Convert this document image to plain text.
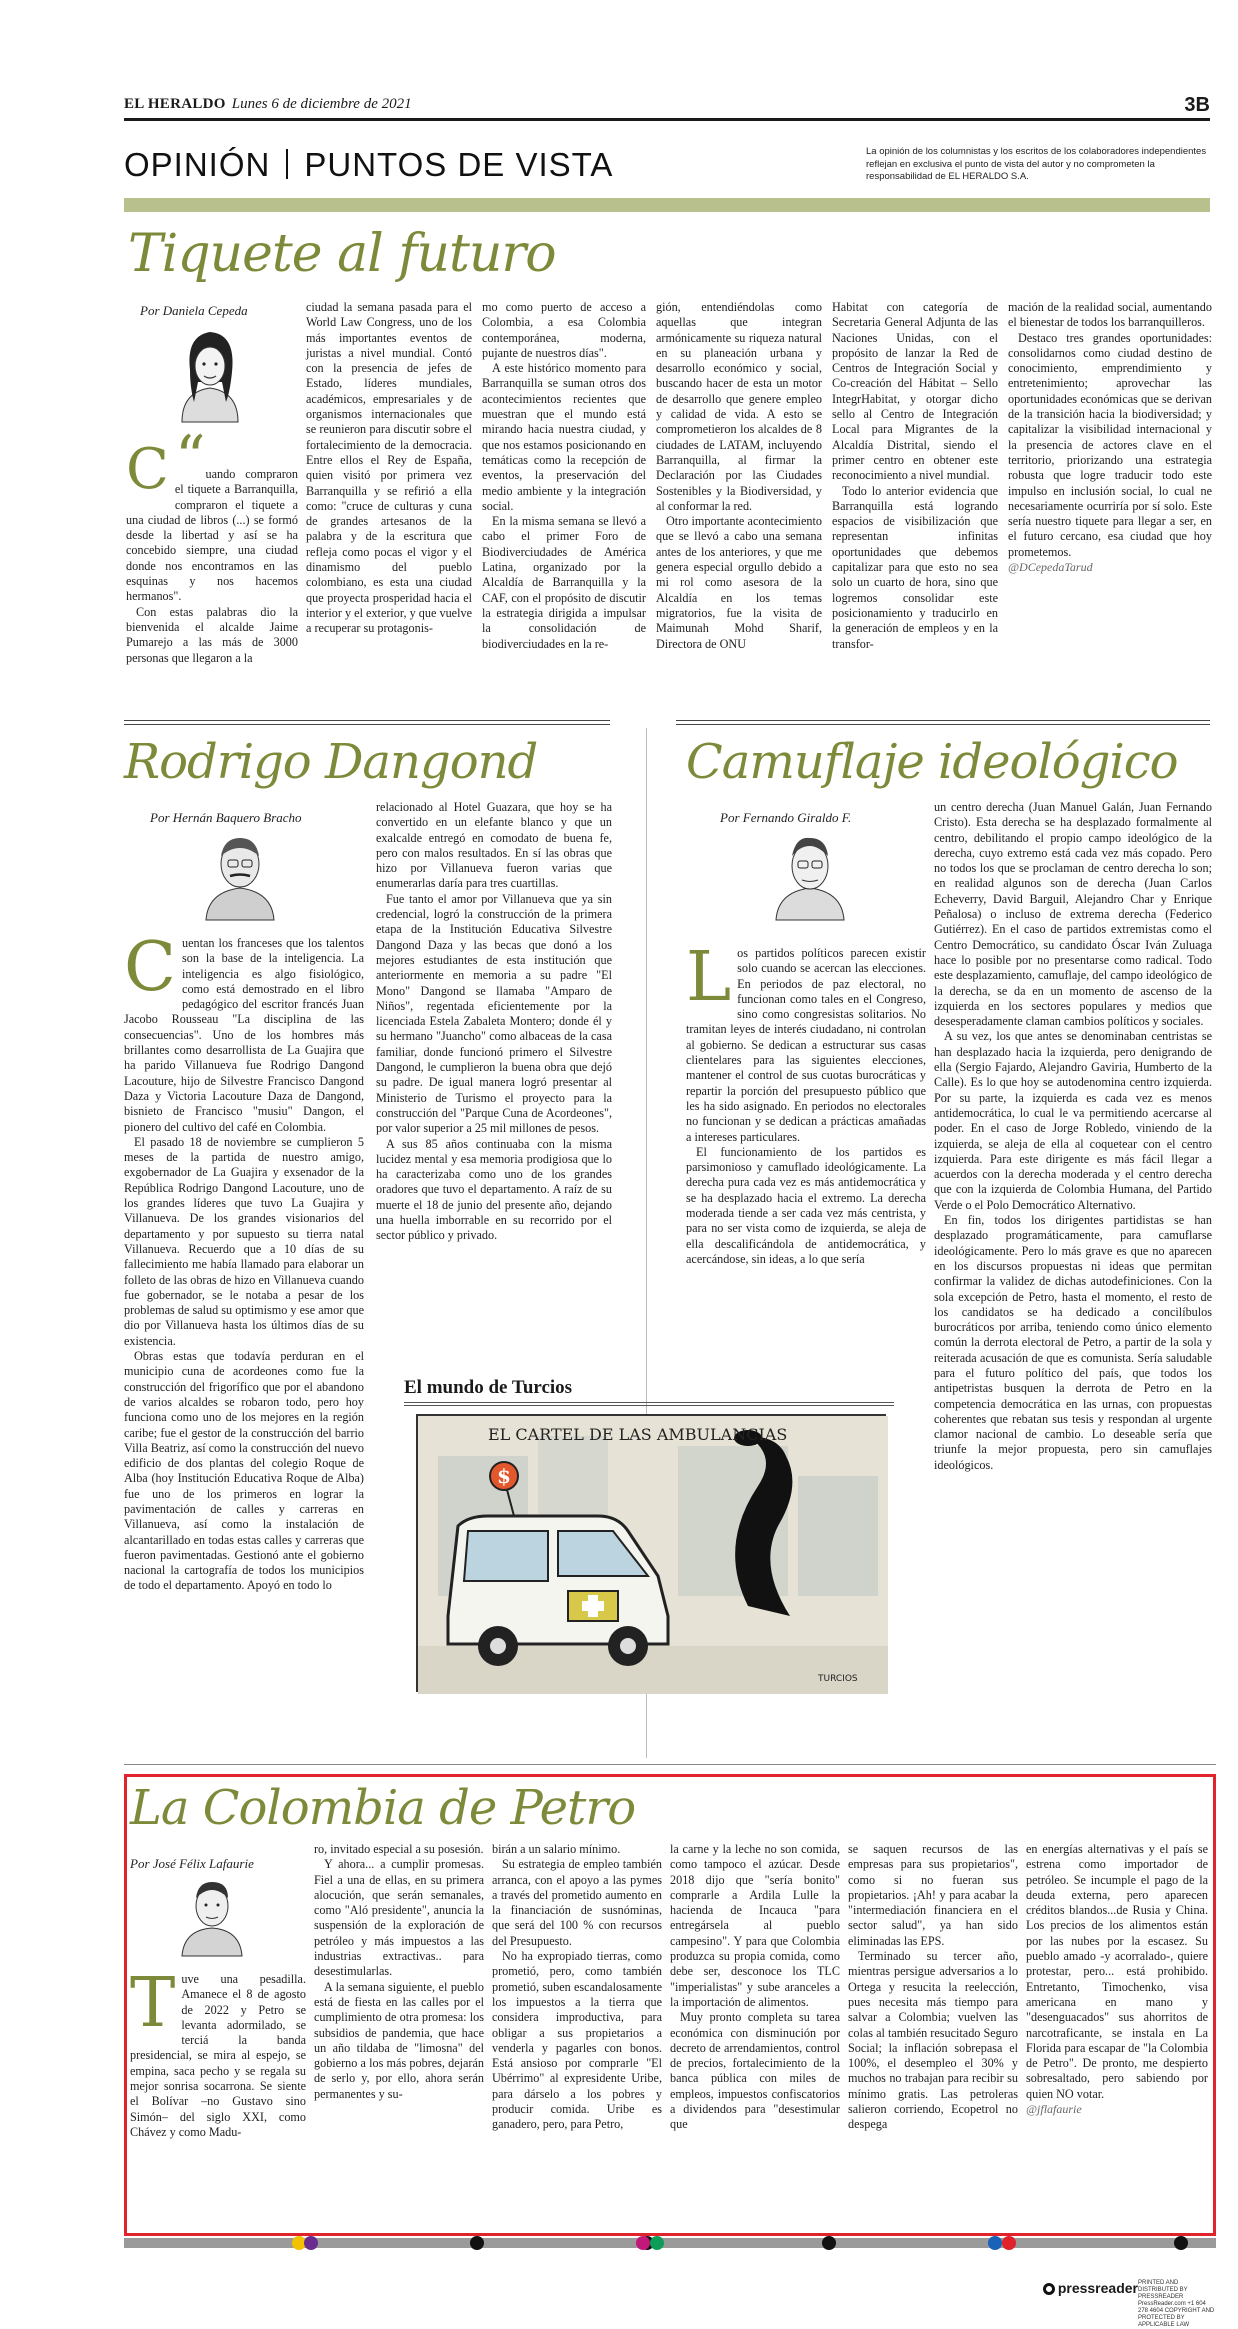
EL HERALDO Lunes 6 de diciembre de 2021	3B
OPINIÓN PUNTOS DE VISTA	La opinión de los columnistas y los escritos de los colaboradores independientes reflejan en exclusiva el punto de vista del autor y no comprometen la responsabilidad de EL HERALDO S.A.
Tiquete al futuro
Por Daniela Cepeda

“
C	uando compraron el tiquete a Barranquilla, compraron el tiquete a una ciudad de libros (...) se formó desde la libertad y así se ha concebido siempre, una ciudad donde nos encontramos en las esquinas y nos hacemos hermanos".

Con estas palabras dio la bienvenida el alcalde Jaime Pumarejo a las más de 3000 personas que llegaron a la

ciudad la semana pasada para el World Law Congress, uno de los más importantes eventos de juristas a nivel mundial. Contó con la presencia de jefes de Estado, líderes mundiales, académicos, empresariales y de organismos internacionales que se reunieron para discutir sobre el fortalecimiento de la democracia. Entre ellos el Rey de España, quien visitó por primera vez Barranquilla y se refirió a ella como: "cruce de culturas y cuna de grandes artesanos de la palabra y de la escritura que refleja como pocas el vigor y el dinamismo del pueblo colombiano, es esta una ciudad que proyecta prosperidad hacia el interior y el exterior, y que vuelve a recuperar su protagonis-

mo como puerto de acceso a Colombia, a esa Colombia contemporánea, moderna, pujante de nuestros días".

A este histórico momento para Barranquilla se suman otros dos acontecimientos recientes que muestran que el mundo está mirando hacia nuestra ciudad, y que nos estamos posicionando en temáticas como la recepción de eventos, la preservación del medio ambiente y la integración social.

En la misma semana se llevó a cabo el primer Foro de Biodiverciudades de América Latina, organizado por la Alcaldía de Barranquilla y la CAF, con el propósito de discutir la estrategia dirigida a impulsar la consolidación de biodiverciudades en la re-

gión, entendiéndolas como aquellas que integran armónicamente su riqueza natural en su planeación urbana y desarrollo económico y social, buscando hacer de esta un motor de desarrollo que genere empleo y calidad de vida. A esto se comprometieron los alcaldes de 8 ciudades de LATAM, incluyendo Barranquilla, al firmar la Declaración por las Ciudades Sostenibles y la Biodiversidad, y al conformar la red.

Otro importante acontecimiento que se llevó a cabo una semana antes de los anteriores, y que me genera especial orgullo debido a mi rol como asesora de la Alcaldía en los temas migratorios, fue la visita de Maimunah Mohd Sharif, Directora de ONU

Habitat con categoría de Secretaria General Adjunta de las Naciones Unidas, con el propósito de lanzar la Red de Centros de Integración Social y Co-creación del Hábitat – Sello IntegrHabitat, y otorgar dicho sello al Centro de Integración Local para Migrantes de la Alcaldía Distrital, siendo el primer centro en obtener este reconocimiento a nivel mundial.

Todo lo anterior evidencia que Barranquilla está logrando espacios de visibilización que representan infinitas oportunidades que debemos capitalizar para que esto no sea solo un cuarto de hora, sino que logremos consolidar este posicionamiento y traducirlo en la generación de empleos y en la transfor-

mación de la realidad social, aumentando el bienestar de todos los barranquilleros.

Destaco tres grandes oportunidades: consolidarnos como ciudad destino de conocimiento, emprendimiento y entretenimiento; aprovechar las oportunidades económicas que se derivan de la transición hacia la biodiversidad; y capitalizar la visibilidad internacional y la presencia de actores clave en el territorio, priorizando una estrategia robusta que logre traducir todo este impulso en inclusión social, lo cual ne necesariamente ocurriría por sí solo. Este sería nuestro tiquete para llegar a ser, en el futuro cercano, esa ciudad que hoy prometemos.

@DCepedaTarud

Rodrigo Dangond
Por Hernán Baquero Bracho

Cuentan los franceses que los talentos son la base de la inteligencia. La inteligencia es algo fisiológico, como está demostrado en el libro pedagógico del escritor francés Juan Jacobo Rousseau "La disciplina de las consecuencias". Uno de los hombres más brillantes como desarrollista de La Guajira que ha parido Villanueva fue Rodrigo Dangond Lacouture, hijo de Silvestre Francisco Dangond Daza y Victoria Lacouture Daza de Dangond, bisnieto de Francisco "musiu" Dangon, el pionero del cultivo del café en Colombia.

El pasado 18 de noviembre se cumplieron 5 meses de la partida de nuestro amigo, exgobernador de La Guajira y exsenador de la República Rodrigo Dangond Lacouture, uno de los grandes líderes que tuvo La Guajira y Villanueva. De los grandes visionarios del departamento y por supuesto su tierra natal Villanueva. Recuerdo que a 10 días de su fallecimiento me había llamado para elaborar un folleto de las obras de hizo en Villanueva cuando fue gobernador, se le notaba a pesar de los problemas de salud su optimismo y ese amor que dio por Villanueva hasta los últimos días de su existencia.

Obras estas que todavía perduran en el municipio cuna de acordeones como fue la construcción del frigorífico que por el abandono de varios alcaldes se robaron todo, pero hoy funciona como uno de los mejores en la región caribe; fue el gestor de la construcción del barrio Villa Beatriz, así como la construcción del nuevo edificio de dos plantas del colegio Roque de Alba (hoy Institución Educativa Roque de Alba) fue uno de los primeros en lograr la pavimentación de calles y carreras en Villanueva, así como la instalación de alcantarillado en todas estas calles y carreras que fueron pavimentadas. Gestionó ante el gobierno nacional la cartografía de todos los municipios de todo el departamento. Apoyó en todo lo

relacionado al Hotel Guazara, que hoy se ha convertido en un elefante blanco y que un exalcalde entregó en comodato de buena fe, pero con malos resultados. En sí las obras que hizo por Villanueva fueron varias que enumerarlas daría para tres cuartillas.

Fue tanto el amor por Villanueva que ya sin credencial, logró la construcción de la primera etapa de la Institución Educativa Silvestre Dangond Daza y las becas que donó a los mejores estudiantes de esta institución que anteriormente en memoria a su padre "El Mono" Dangond se llamaba "Amparo de Niños", regentada eficientemente por la licenciada Estela Zabaleta Montero; donde él y su hermano "Juancho" como albaceas de la casa familiar, donde funcionó primero el Silvestre Dangond, le cumplieron la buena obra que dejó su padre. De igual manera logró presentar al Ministerio de Turismo el proyecto para la construcción del "Parque Cuna de Acordeones", por valor superior a 25 mil millones de pesos.

A sus 85 años continuaba con la misma lucidez mental y esa memoria prodigiosa que lo ha caracterizaba como uno de los grandes oradores que tuvo el departamento. A raíz de su muerte el 18 de junio del presente año, dejando una huella imborrable en su recorrido por el sector público y privado.

Camuflaje ideológico
Por Fernando Giraldo F.

Los partidos políticos parecen existir solo cuando se acercan las elecciones. En periodos de paz electoral, no funcionan como tales en el Congreso, sino como congresistas solitarios. No tramitan leyes de interés ciudadano, ni controlan al gobierno. Se dedican a estructurar sus casas clientelares para las siguientes elecciones, mantener el control de sus cuotas burocráticas y repartir la porción del presupuesto público que les ha sido asignado. En periodos no electorales no funcionan y se dedican a prácticas amañadas a intereses particulares.

El funcionamiento de los partidos es parsimonioso y camuflado ideológicamente. La derecha pura cada vez es más antidemocrática y se ha desplazado hacia el extremo. La derecha moderada tiende a ser cada vez más centrista, y para no ser vista como de izquierda, se aleja de ella descalificándola de antidemocrática, y acercándose, sin ideas, a lo que sería

un centro derecha (Juan Manuel Galán, Juan Fernando Cristo). Esta derecha se ha desplazado formalmente al centro, debilitando el propio campo ideológico de la derecha, cuyo extremo está cada vez más copado. Pero no todos los que se proclaman de centro derecha lo son; en realidad algunos son de derecha (Juan Carlos Echeverry, David Barguil, Alejandro Char y Enrique Peñalosa) o incluso de extrema derecha (Federico Gutiérrez). En el caso de partidos extremistas como el Centro Democrático, su candidato Óscar Iván Zuluaga hace lo posible por no presentarse como radical. Todo este desplazamiento, camuflaje, del campo ideológico de la derecha, se da en un momento de ascenso de la izquierda en los sectores populares y medios que desesperadamente claman cambios políticos y sociales.

A su vez, los que antes se denominaban centristas se han desplazado hacia la izquierda, pero denigrando de ella (Sergio Fajardo, Alejandro Gaviria, Humberto de la Calle). Es lo que hoy se autodenomina centro izquierda. Por su parte, la izquierda es cada vez es menos antidemocrática, lo cual le va permitiendo acercarse al poder. En el caso de Jorge Robledo, viniendo de la izquierda, se aleja de ella al coquetear con el centro izquierda. Para este dirigente es más fácil llegar a acuerdos con la derecha moderada y el centro derecha que con la izquierda de Colombia Humana, del Partido Verde o el Polo Democrático Alternativo.

En fin, todos los dirigentes partidistas se han desplazado programáticamente, para camuflarse ideológicamente. Pero lo más grave es que no aparecen en los discursos propuestas ni ideas que permitan confirmar la validez de dichas autodefiniciones. Con la sola excepción de Petro, hasta el momento, el resto de los candidatos se ha dedicado a concilíbulos burocráticos por arriba, teniendo como único elemento común la derrota electoral de Petro, a partir de la sola y reiterada acusación de que es comunista. Sería saludable para el futuro político del país, que todos los antipetristas busquen la derrota de Petro en la competencia democrática en las urnas, con propuestas coherentes que rebatan sus tesis y respondan al urgente clamor nacional de cambio. Lo deseable sería que triunfe la mejor propuesta, pero sin camuflajes ideológicos.

El mundo de Turcios
$
EL CARTEL DE LAS AMBULANCIAS
TURCIOS
La Colombia de Petro
Por José Félix Lafaurie

Tuve una pesadilla. Amanece el 8 de agosto de 2022 y Petro se levanta adormilado, se terciá la banda presidencial, se mira al espejo, se empina, saca pecho y se regala su mejor sonrisa socarrona. Se siente el Bolívar –no Gustavo sino Simón– del siglo XXI, como Chávez y como Madu-

ro, invitado especial a su posesión.

Y ahora... a cumplir promesas. Fiel a una de ellas, en su primera alocución, que serán semanales, como "Aló presidente", anuncia la suspensión de la exploración de petróleo y más impuestos a las industrias extractivas.. para desestimularlas.

A la semana siguiente, el pueblo está de fiesta en las calles por el cumplimiento de otra promesa: los subsidios de pandemia, que hace un año tildaba de "limosna" del gobierno a los más pobres, dejarán de serlo y, por ello, ahora serán permanentes y su-

birán a un salario mínimo.

Su estrategia de empleo también arranca, con el apoyo a las pymes a través del prometido aumento en la financiación de susnóminas, que será del 100 % con recursos del Presupuesto.

No ha expropiado tierras, como prometió, pero, como también prometió, suben escandalosamente los impuestos a la tierra que considera improductiva, para obligar a sus propietarios a venderla y pagarles con bonos. Está ansioso por comprarle "El Ubérrimo" al expresidente Uribe, para dárselo a los pobres y producir comida. Uribe es ganadero, pero, para Petro,

la carne y la leche no son comida, como tampoco el azúcar. Desde 2018 dijo que "sería bonito" comprarle a Ardila Lulle la hacienda de Incauca "para entregársela al pueblo campesino". Y para que Colombia produzca su propia comida, como debe ser, desconoce los TLC "imperialistas" y sube aranceles a la importación de alimentos.

Muy pronto completa su tarea económica con disminución por decreto de arrendamientos, control de precios, fortalecimiento de la banca pública con miles de empleos, impuestos confiscatorios a dividendos para "desestimular que

se saquen recursos de las empresas para sus propietarios", como si no fueran sus propietarios. ¡Ah! y para acabar la "intermediación financiera en el sector salud", ya han sido eliminadas las EPS.

Terminado su tercer año, mientras persigue adversarios a lo Ortega y resucita la reelección, pues necesita más tiempo para salvar a Colombia; vuelven las colas al también resucitado Seguro Social; la inflación sobrepasa el 100%, el desempleo el 30% y muchos no trabajan para recibir su mínimo gratis. Las petroleras salieron corriendo, Ecopetrol no despega

en energías alternativas y el país se estrena como importador de petróleo. Se incumple el pago de la deuda externa, pero aparecen créditos blandos...de Rusia y China. Los precios de los alimentos están por las nubes por la escasez. Su pueblo amado -y acorralado-, quiere protestar, pero... está prohibido. Entretanto, Timochenko, visa americana en mano y "desenguacados" sus ahorritos de narcotraficante, se instala en La Florida para escapar de "la Colombia de Petro". De pronto, me despierto sobresaltado, pero sabiendo por quien NO votar.

@jflafaurie

pressreader PRINTED AND DISTRIBUTED BY PRESSREADER PressReader.com +1 604 278 4604 COPYRIGHT AND PROTECTED BY APPLICABLE LAW
